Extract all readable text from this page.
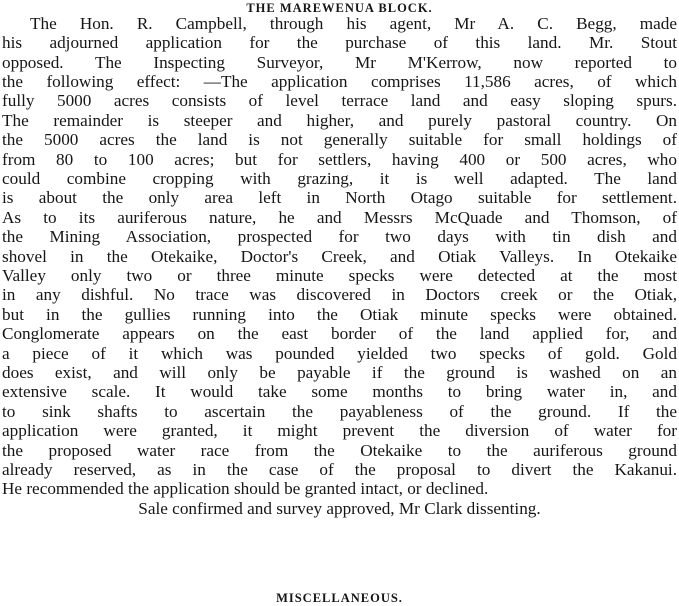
THE MAREWENUA BLOCK.
The Hon. R. Campbell, through his agent, Mr A. C. Begg, made
his adjourned application for the purchase of this land. Mr. Stout
opposed. The Inspecting Surveyor, Mr M'Kerrow, now reported to
the following effect: —The application comprises 11,586 acres, of which
fully 5000 acres consists of level terrace land and easy sloping spurs.
The remainder is steeper and higher, and purely pastoral country. On
the 5000 acres the land is not generally suitable for small holdings of
from 80 to 100 acres; but for settlers, having 400 or 500 acres, who
could combine cropping with grazing, it is well adapted. The land
is about the only area left in North Otago suitable for settlement.
As to its auriferous nature, he and Messrs McQuade and Thomson, of
the Mining Association, prospected for two days with tin dish and
shovel in the Otekaike, Doctor's Creek, and Otiak Valleys. In Otekaike
Valley only two or three minute specks were detected at the most
in any dishful. No trace was discovered in Doctors creek or the Otiak,
but in the gullies running into the Otiak minute specks were obtained.
Conglomerate appears on the east border of the land applied for, and
a piece of it which was pounded yielded two specks of gold. Gold
does exist, and will only be payable if the ground is washed on an
extensive scale. It would take some months to bring water in, and
to sink shafts to ascertain the payableness of the ground. If the
application were granted, it might prevent the diversion of water for
the proposed water race from the Otekaike to the auriferous ground
already reserved, as in the case of the proposal to divert the Kakanui.
He recommended the application should be granted intact, or declined.
Sale confirmed and survey approved, Mr Clark dissenting.
MISCELLANEOUS.
